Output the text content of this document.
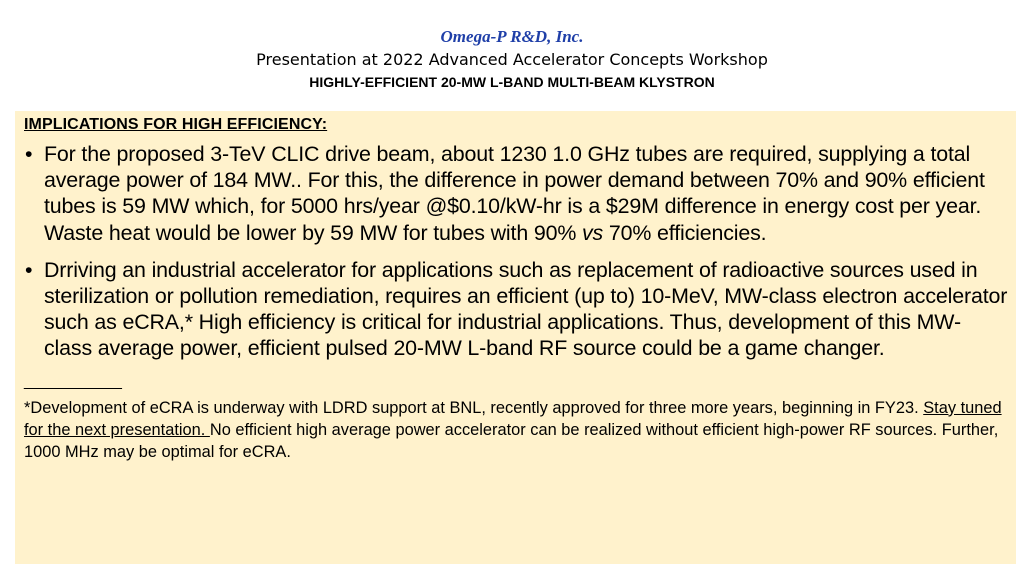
Omega-P R&D, Inc.
Presentation at 2022 Advanced Accelerator Concepts Workshop
HIGHLY-EFFICIENT 20-MW L-BAND MULTI-BEAM KLYSTRON
IMPLICATIONS FOR HIGH EFFICIENCY:
• For the proposed 3-TeV CLIC drive beam, about 1230 1.0 GHz tubes are required, supplying a total average power of 184 MW.. For this, the difference in power demand between 70% and 90% efficient tubes is 59 MW which, for 5000 hrs/year @$0.10/kW-hr is a $29M difference in energy cost per year. Waste heat would be lower by 59 MW for tubes with 90% vs 70% efficiencies.
• Drriving an industrial accelerator for applications such as replacement of radioactive sources used in sterilization or pollution remediation, requires an efficient (up to) 10-MeV, MW-class electron accelerator such as eCRA,* High efficiency is critical for industrial applications. Thus, development of this MW-class average power, efficient pulsed 20-MW L-band RF source could be a game changer.
___________
*Development of eCRA is underway with LDRD support at BNL, recently approved for three more years, beginning in FY23. Stay tuned for the next presentation. No efficient high average power accelerator can be realized without efficient high-power RF sources. Further, 1000 MHz may be optimal for eCRA.
